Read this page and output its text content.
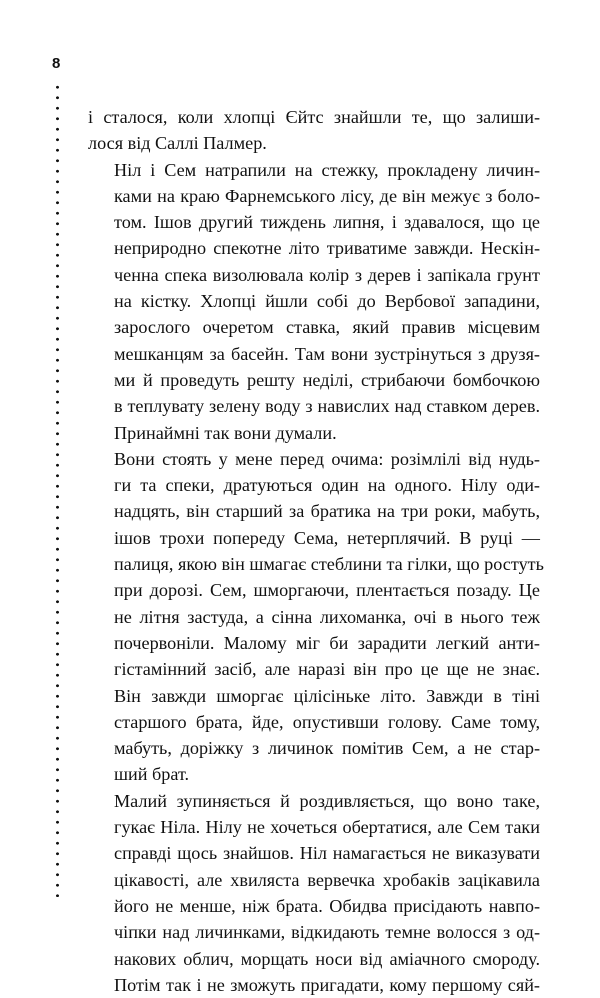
8

і сталося, коли хлопці Єйтс знайшли те, що залиши-
лося від Саллі Палмер.

Ніл і Сем натрапили на стежку, прокладену личин-
ками на краю Фарнемського лісу, де він межує з боло-
том. Ішов другий тиждень липня, і здавалося, що це
неприродно спекотне літо триватиме завжди. Нескін-
ченна спека визолювала колір з дерев і запікала грунт
на кістку. Хлопці йшли собі до Вербової западини,
зарослого очеретом ставка, який правив місцевим
мешканцям за басейн. Там вони зустрінуться з друзя-
ми й проведуть решту неділі, стрибаючи бомбочкою
в теплувату зелену воду з навислих над ставком дерев.
Принаймні так вони думали.

Вони стоять у мене перед очима: розімлілі від нудь-
ги та спеки, дратуються один на одного. Нілу оди-
надцять, він старший за братика на три роки, мабуть,
ішов трохи попереду Сема, нетерплячий. В руці —
палиця, якою він шмагає стеблини та гілки, що ростуть
при дорозі. Сем, шморгаючи, плентається позаду. Це
не літня застуда, а сінна лихоманка, очі в нього теж
почервоніли. Малому міг би зарадити легкий анти-
гістамінний засіб, але наразі він про це ще не знає.
Він завжди шморгає цілісіньке літо. Завжди в тіні
старшого брата, йде, опустивши голову. Саме тому,
мабуть, доріжку з личинок помітив Сем, а не стар-
ший брат.

Малий зупиняється й роздивляється, що воно таке,
гукає Ніла. Нілу не хочеться обертатися, але Сем таки
справді щось знайшов. Ніл намагається не виказувати
цікавості, але хвиляста вервечка хробаків зацікавила
його не менше, ніж брата. Обидва присідають навпо-
чіпки над личинками, відкидають темне волосся з од-
накових облич, морщать носи від аміачного смороду.
Потім так і не зможуть пригадати, кому першому сяй-
